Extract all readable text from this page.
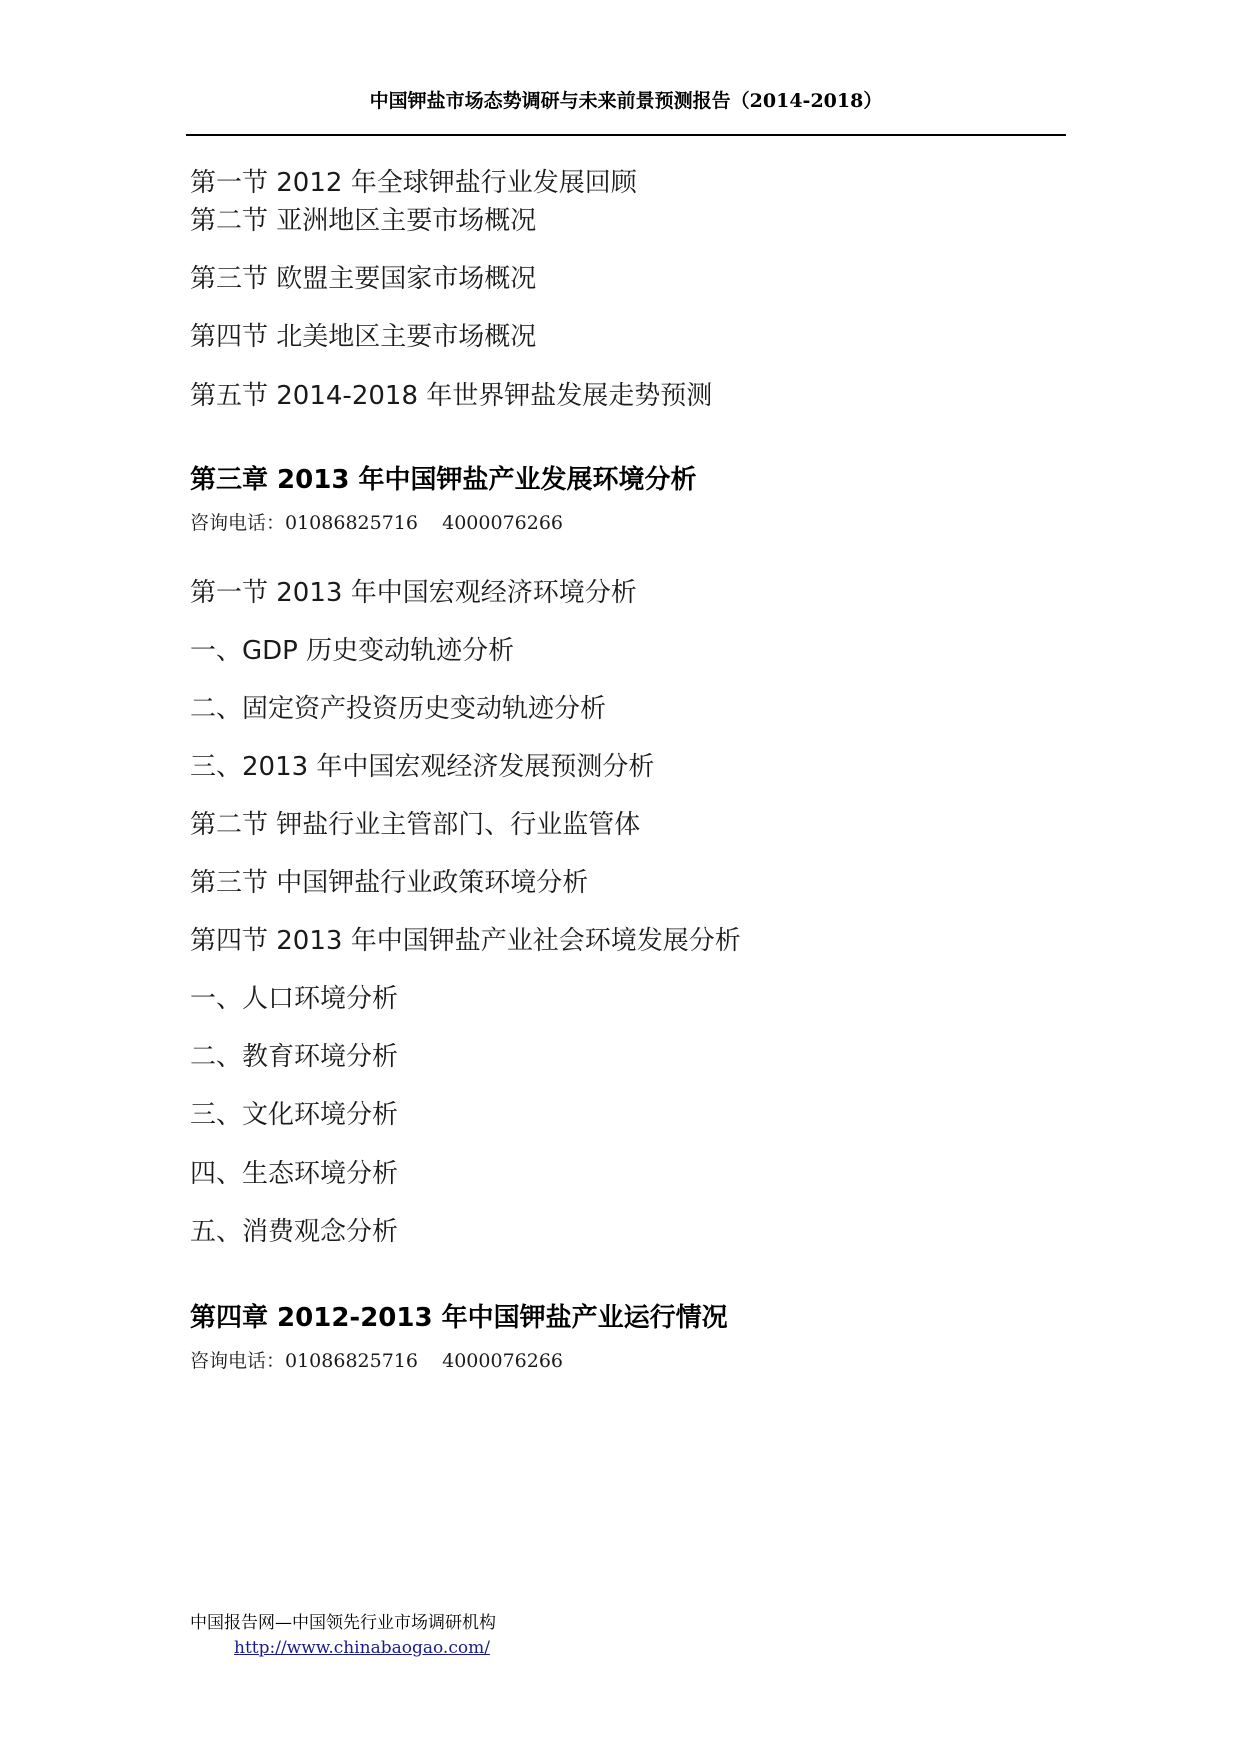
中国钾盐市场态势调研与未来前景预测报告（2014-2018）
第一节 2012 年全球钾盐行业发展回顾
第二节 亚洲地区主要市场概况
第三节 欧盟主要国家市场概况
第四节 北美地区主要市场概况
第五节 2014-2018 年世界钾盐发展走势预测
第三章 2013 年中国钾盐产业发展环境分析
咨询电话：01086825716    4000076266
第一节 2013 年中国宏观经济环境分析
一、GDP 历史变动轨迹分析
二、固定资产投资历史变动轨迹分析
三、2013 年中国宏观经济发展预测分析
第二节 钾盐行业主管部门、行业监管体
第三节 中国钾盐行业政策环境分析
第四节 2013 年中国钾盐产业社会环境发展分析
一、人口环境分析
二、教育环境分析
三、文化环境分析
四、生态环境分析
五、消费观念分析
第四章 2012-2013 年中国钾盐产业运行情况
咨询电话：01086825716    4000076266
中国报告网—中国领先行业市场调研机构
http://www.chinabaogao.com/
